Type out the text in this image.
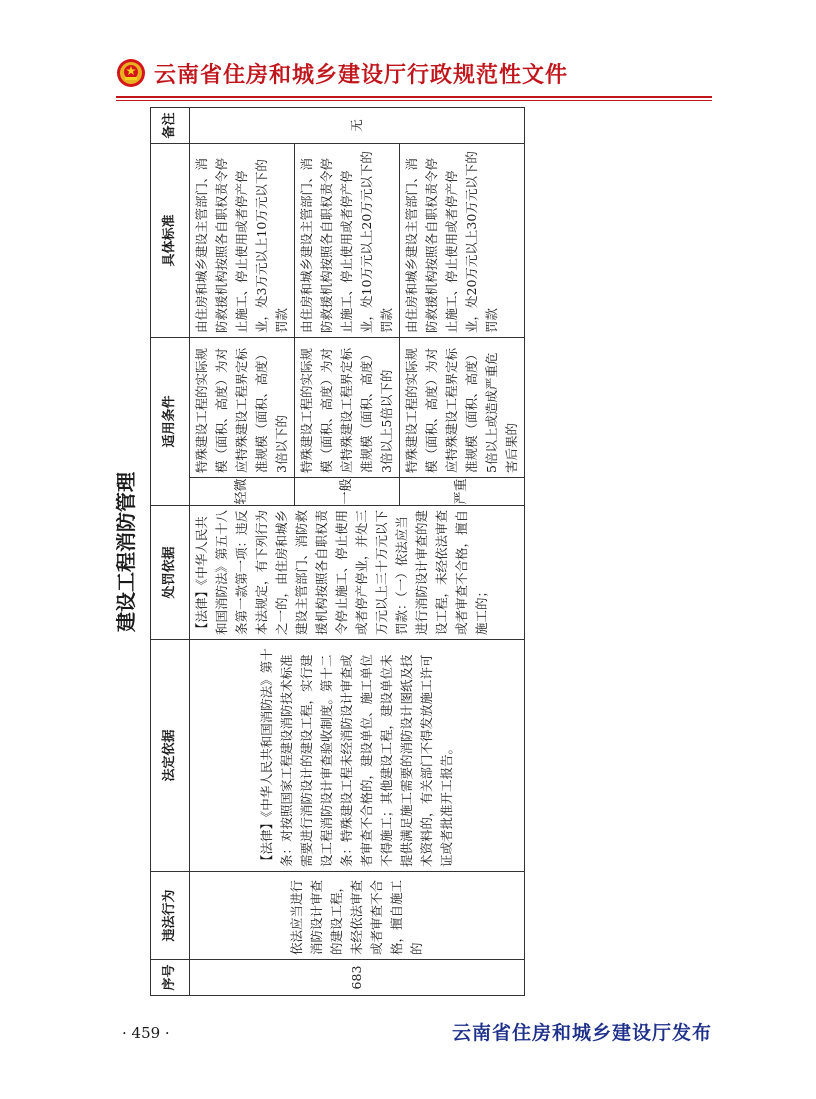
云南省住房和城乡建设厅行政规范性文件
建设工程消防管理
序号	违法行为	法定依据	处罚依据	适用条件		具体标准	备注
683	依法应当进行消防设计审查的建设工程，未经依法审查或者审查不合格，擅自施工的	【法律】《中华人民共和国消防法》第十条：对按照国家工程建设消防技术标准需要进行消防设计的建设工程，实行建设工程消防设计审查验收制度。第十二条：特殊建设工程未经消防设计审查或者审查不合格的，建设单位、施工单位不得施工；其他建设工程，建设单位未提供满足施工需要的消防设计图纸及技术资料的，有关部门不得发放施工许可证或者批准开工报告。	【法律】《中华人民共和国消防法》第五十八条第一款第一项：违反本法规定，有下列行为之一的，由住房和城乡建设主管部门、消防救援机构按照各自职权责令停止施工、停止使用或者停产停业，并处三万元以上三十万元以下罚款：（一）依法应当进行消防设计审查的建设工程，未经依法审查或者审查不合格，擅自施工的；	轻微	特殊建设工程的实际规模（面积、高度）为对应特殊建设工程界定标准规模（面积、高度）3倍以下的	由住房和城乡建设主管部门、消防救援机构按照各自职权责令停止施工、停止使用或者停产停业，处3万元以上10万元以下的罚款	无
				一般	特殊建设工程的实际规模（面积、高度）为对应特殊建设工程界定标准规模（面积、高度）3倍以上5倍以下的	由住房和城乡建设主管部门、消防救援机构按照各自职权责令停止施工、停止使用或者停产停业，处10万元以上20万元以下的罚款	
				严重	特殊建设工程的实际规模（面积、高度）为对应特殊建设工程界定标准规模（面积、高度）5倍以上或造成严重危害后果的	由住房和城乡建设主管部门、消防救援机构按照各自职权责令停止施工、停止使用或者停产停业，处20万元以上30万元以下的罚款	
· 459 ·	云南省住房和城乡建设厅发布
